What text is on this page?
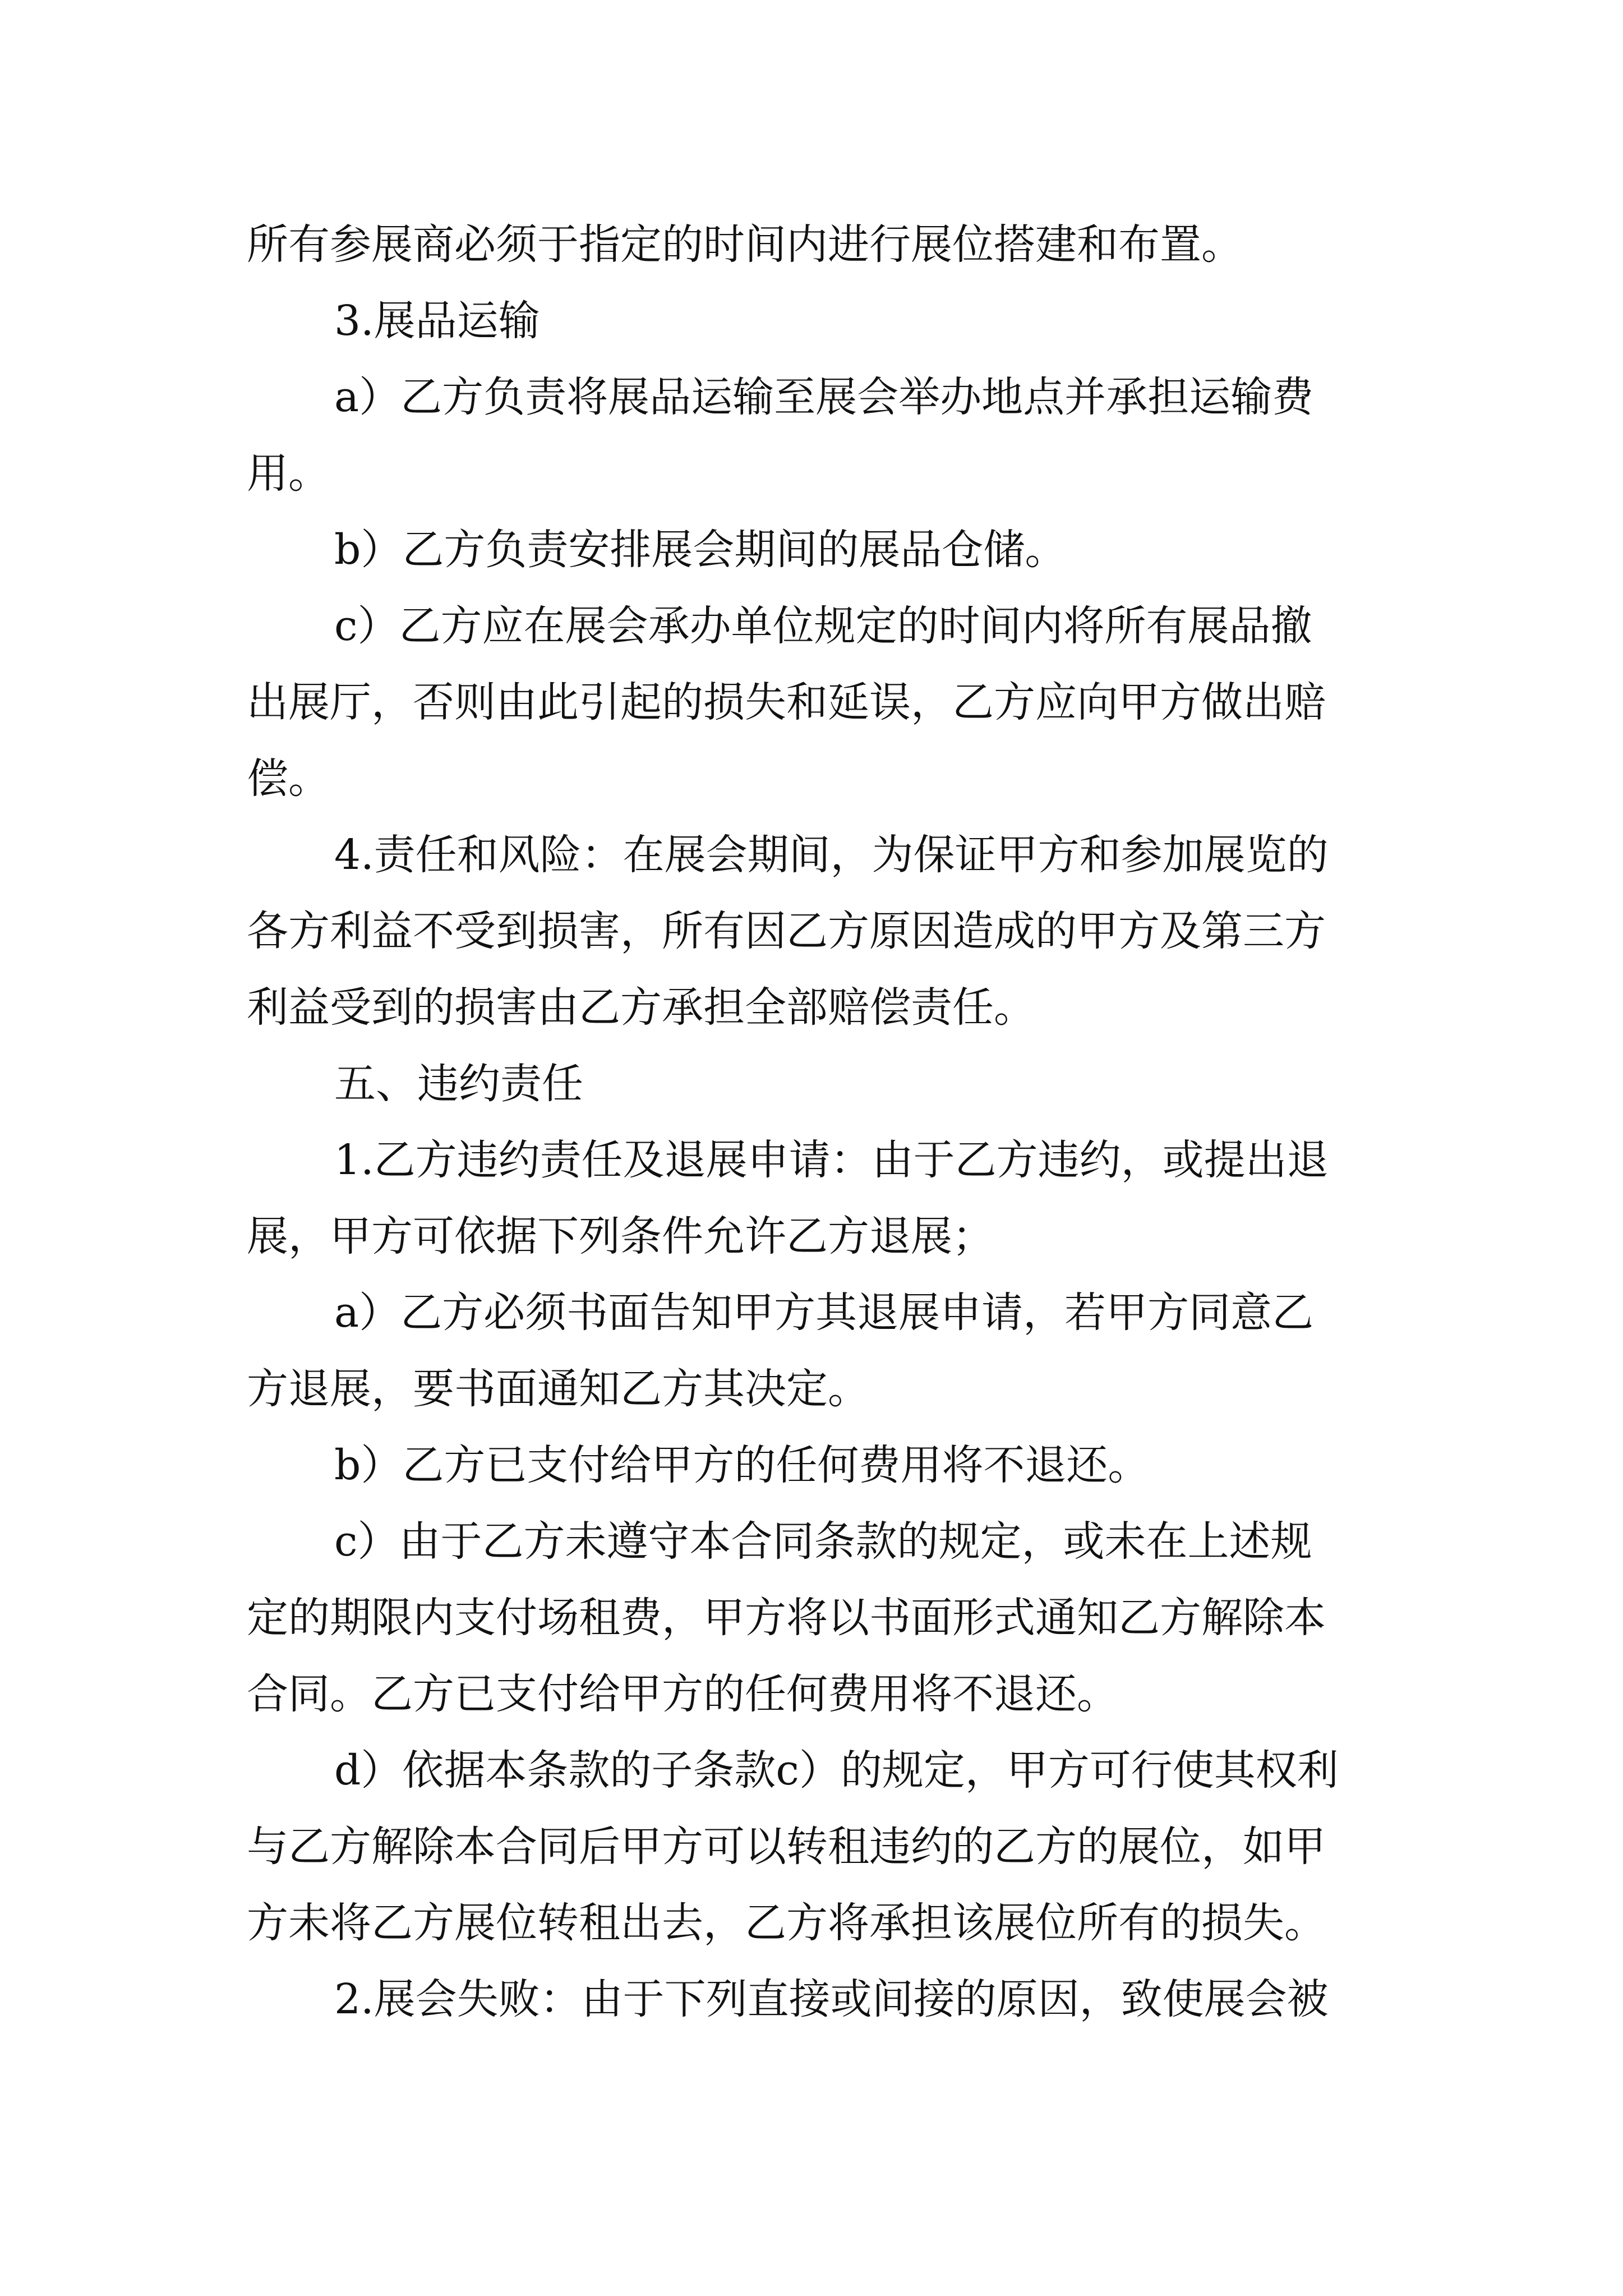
所有参展商必须于指定的时间内进行展位搭建和布置。
3.展品运输
a）乙方负责将展品运输至展会举办地点并承担运输费
用。
b）乙方负责安排展会期间的展品仓储。
c）乙方应在展会承办单位规定的时间内将所有展品撤
出展厅，否则由此引起的损失和延误，乙方应向甲方做出赔
偿。
4.责任和风险：在展会期间，为保证甲方和参加展览的
各方利益不受到损害，所有因乙方原因造成的甲方及第三方
利益受到的损害由乙方承担全部赔偿责任。
五、违约责任
1.乙方违约责任及退展申请：由于乙方违约，或提出退
展，甲方可依据下列条件允许乙方退展；
a）乙方必须书面告知甲方其退展申请，若甲方同意乙
方退展，要书面通知乙方其决定。
b）乙方已支付给甲方的任何费用将不退还。
c）由于乙方未遵守本合同条款的规定，或未在上述规
定的期限内支付场租费，甲方将以书面形式通知乙方解除本
合同。乙方已支付给甲方的任何费用将不退还。
d）依据本条款的子条款c）的规定，甲方可行使其权利
与乙方解除本合同后甲方可以转租违约的乙方的展位，如甲
方未将乙方展位转租出去，乙方将承担该展位所有的损失。
2.展会失败：由于下列直接或间接的原因，致使展会被
